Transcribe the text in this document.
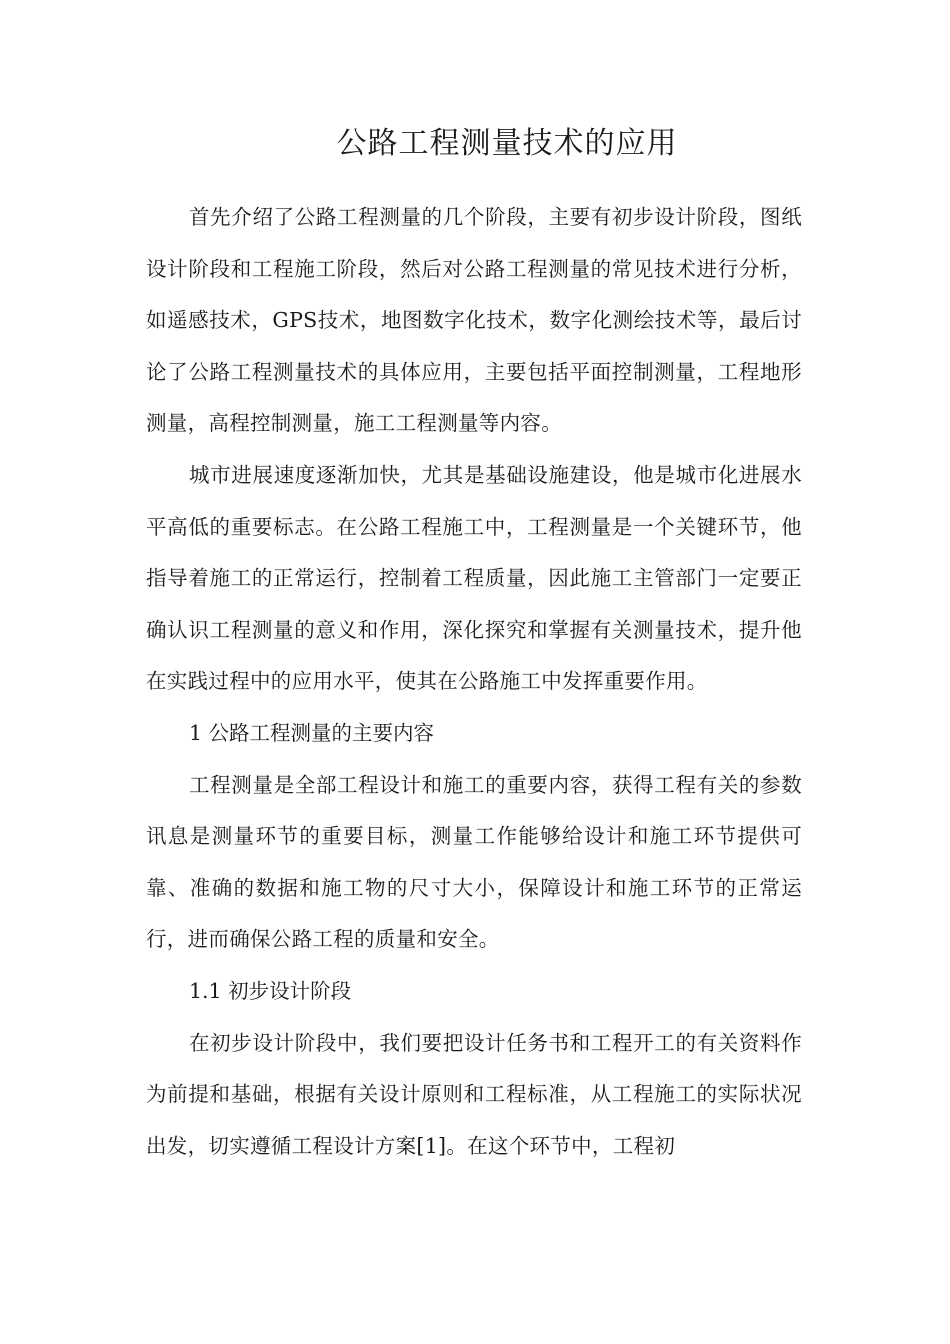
公路工程测量技术的应用

首先介绍了公路工程测量的几个阶段，主要有初步设计阶段，图纸设计阶段和工程施工阶段，然后对公路工程测量的常见技术进行分析，如遥感技术，GPS技术，地图数字化技术，数字化测绘技术等，最后讨论了公路工程测量技术的具体应用，主要包括平面控制测量，工程地形测量，高程控制测量，施工工程测量等内容。

城市进展速度逐渐加快，尤其是基础设施建设，他是城市化进展水平高低的重要标志。在公路工程施工中，工程测量是一个关键环节，他指导着施工的正常运行，控制着工程质量，因此施工主管部门一定要正确认识工程测量的意义和作用，深化探究和掌握有关测量技术，提升他在实践过程中的应用水平，使其在公路施工中发挥重要作用。

1 公路工程测量的主要内容

工程测量是全部工程设计和施工的重要内容，获得工程有关的参数讯息是测量环节的重要目标，测量工作能够给设计和施工环节提供可靠、准确的数据和施工物的尺寸大小，保障设计和施工环节的正常运行，进而确保公路工程的质量和安全。

1.1 初步设计阶段

在初步设计阶段中，我们要把设计任务书和工程开工的有关资料作为前提和基础，根据有关设计原则和工程标准，从工程施工的实际状况出发，切实遵循工程设计方案[1]。在这个环节中，工程初
